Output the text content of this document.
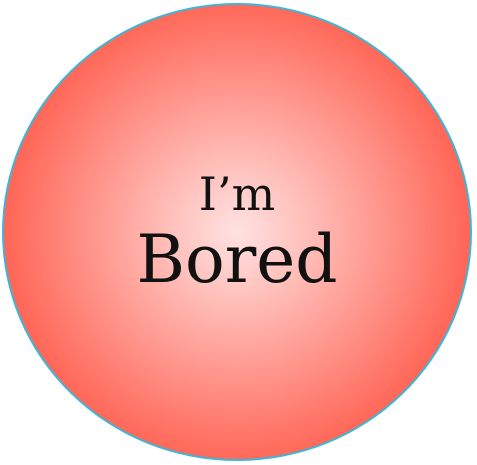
I’m
Bored
